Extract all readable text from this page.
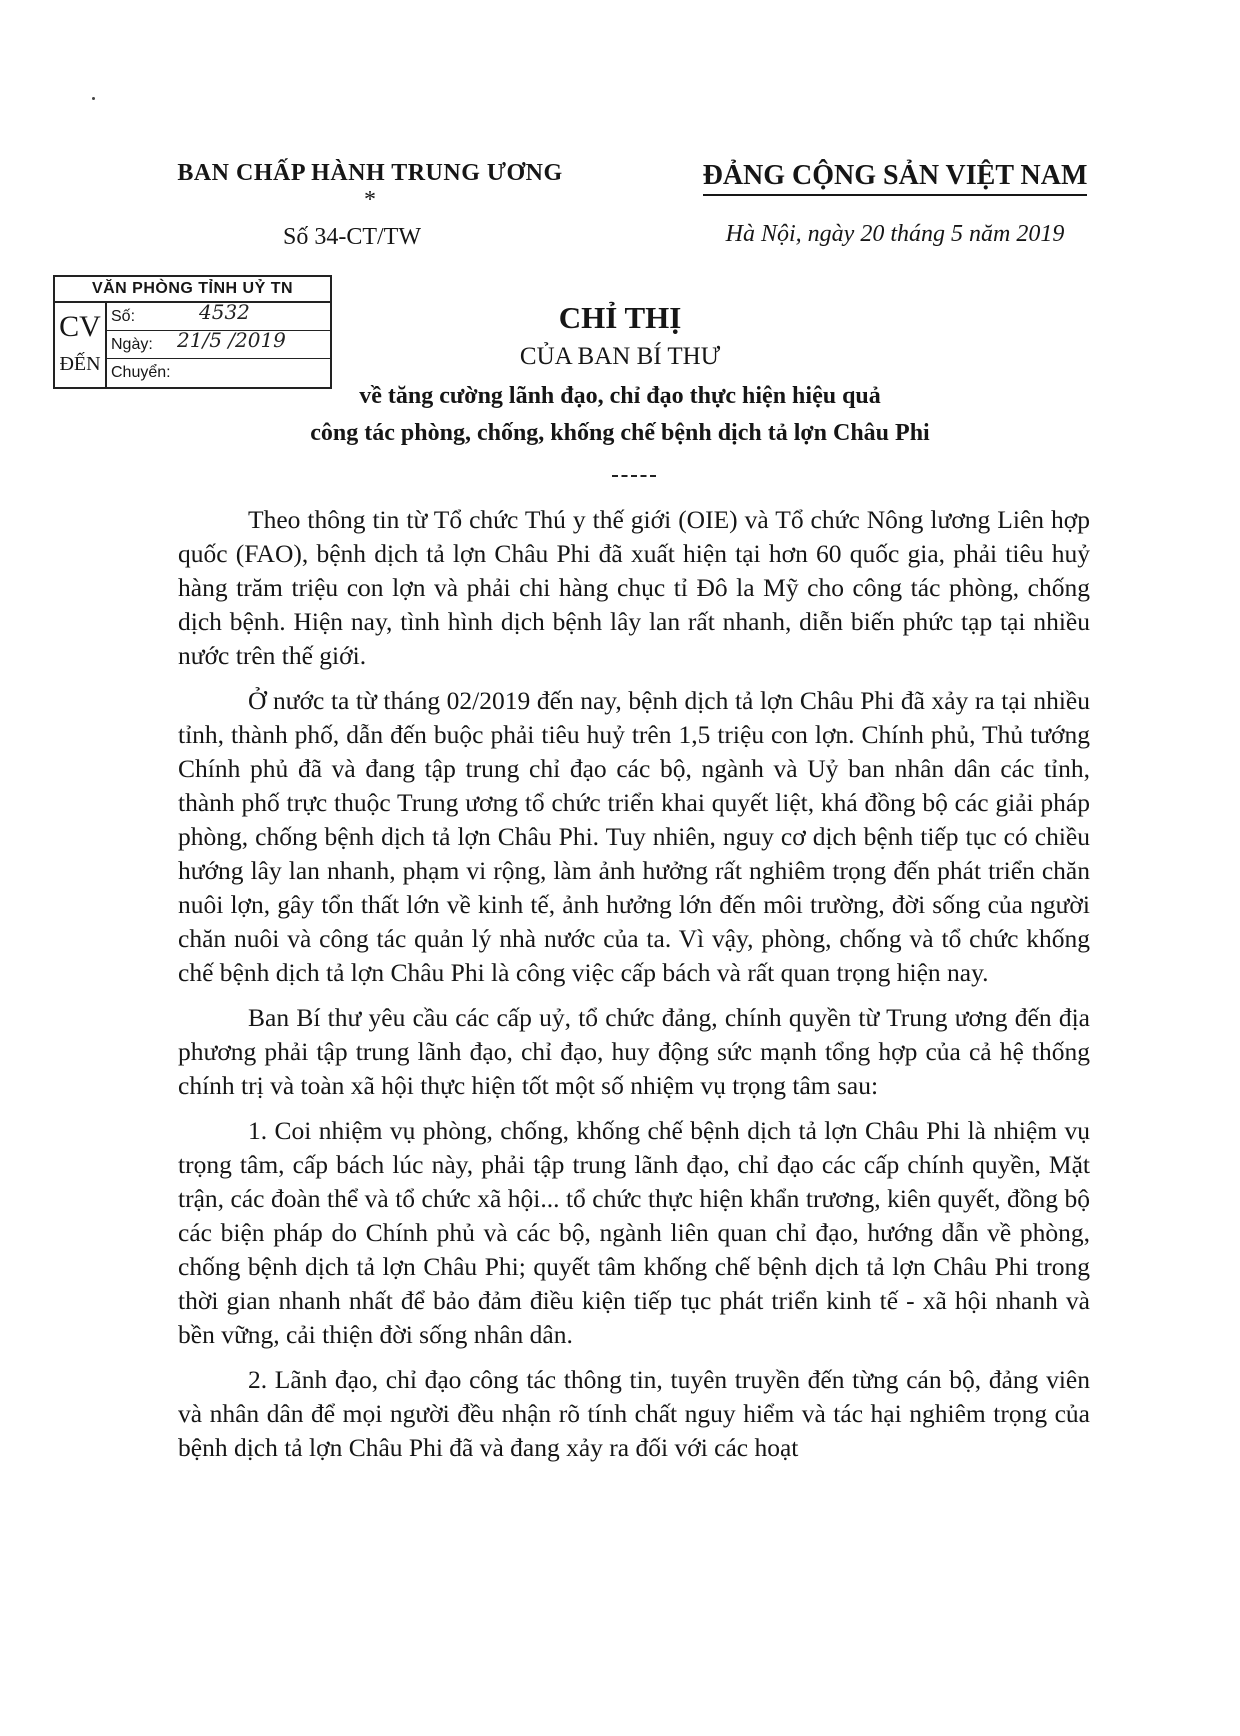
BAN CHẤP HÀNH TRUNG ƯƠNG
*
Số 34-CT/TW
ĐẢNG CỘNG SẢN VIỆT NAM
Hà Nội, ngày 20 tháng 5 năm 2019
VĂN PHÒNG TỈNH UỶ TN
CV
ĐẾN
Số:	4532
Ngày: 21/5 /2019
Chuyển:
CHỈ THỊ
CỦA BAN BÍ THƯ
về tăng cường lãnh đạo, chỉ đạo thực hiện hiệu quả
công tác phòng, chống, khống chế bệnh dịch tả lợn Châu Phi

Theo thông tin từ Tổ chức Thú y thế giới (OIE) và Tổ chức Nông lương Liên hợp quốc (FAO), bệnh dịch tả lợn Châu Phi đã xuất hiện tại hơn 60 quốc gia, phải tiêu huỷ hàng trăm triệu con lợn và phải chi hàng chục tỉ Đô la Mỹ cho công tác phòng, chống dịch bệnh. Hiện nay, tình hình dịch bệnh lây lan rất nhanh, diễn biến phức tạp tại nhiều nước trên thế giới.

Ở nước ta từ tháng 02/2019 đến nay, bệnh dịch tả lợn Châu Phi đã xảy ra tại nhiều tỉnh, thành phố, dẫn đến buộc phải tiêu huỷ trên 1,5 triệu con lợn. Chính phủ, Thủ tướng Chính phủ đã và đang tập trung chỉ đạo các bộ, ngành và Uỷ ban nhân dân các tỉnh, thành phố trực thuộc Trung ương tổ chức triển khai quyết liệt, khá đồng bộ các giải pháp phòng, chống bệnh dịch tả lợn Châu Phi. Tuy nhiên, nguy cơ dịch bệnh tiếp tục có chiều hướng lây lan nhanh, phạm vi rộng, làm ảnh hưởng rất nghiêm trọng đến phát triển chăn nuôi lợn, gây tổn thất lớn về kinh tế, ảnh hưởng lớn đến môi trường, đời sống của người chăn nuôi và công tác quản lý nhà nước của ta. Vì vậy, phòng, chống và tổ chức khống chế bệnh dịch tả lợn Châu Phi là công việc cấp bách và rất quan trọng hiện nay.

Ban Bí thư yêu cầu các cấp uỷ, tổ chức đảng, chính quyền từ Trung ương đến địa phương phải tập trung lãnh đạo, chỉ đạo, huy động sức mạnh tổng hợp của cả hệ thống chính trị và toàn xã hội thực hiện tốt một số nhiệm vụ trọng tâm sau:

1. Coi nhiệm vụ phòng, chống, khống chế bệnh dịch tả lợn Châu Phi là nhiệm vụ trọng tâm, cấp bách lúc này, phải tập trung lãnh đạo, chỉ đạo các cấp chính quyền, Mặt trận, các đoàn thể và tổ chức xã hội... tổ chức thực hiện khẩn trương, kiên quyết, đồng bộ các biện pháp do Chính phủ và các bộ, ngành liên quan chỉ đạo, hướng dẫn về phòng, chống bệnh dịch tả lợn Châu Phi; quyết tâm khống chế bệnh dịch tả lợn Châu Phi trong thời gian nhanh nhất để bảo đảm điều kiện tiếp tục phát triển kinh tế - xã hội nhanh và bền vững, cải thiện đời sống nhân dân.

2. Lãnh đạo, chỉ đạo công tác thông tin, tuyên truyền đến từng cán bộ, đảng viên và nhân dân để mọi người đều nhận rõ tính chất nguy hiểm và tác hại nghiêm trọng của bệnh dịch tả lợn Châu Phi đã và đang xảy ra đối với các hoạt
